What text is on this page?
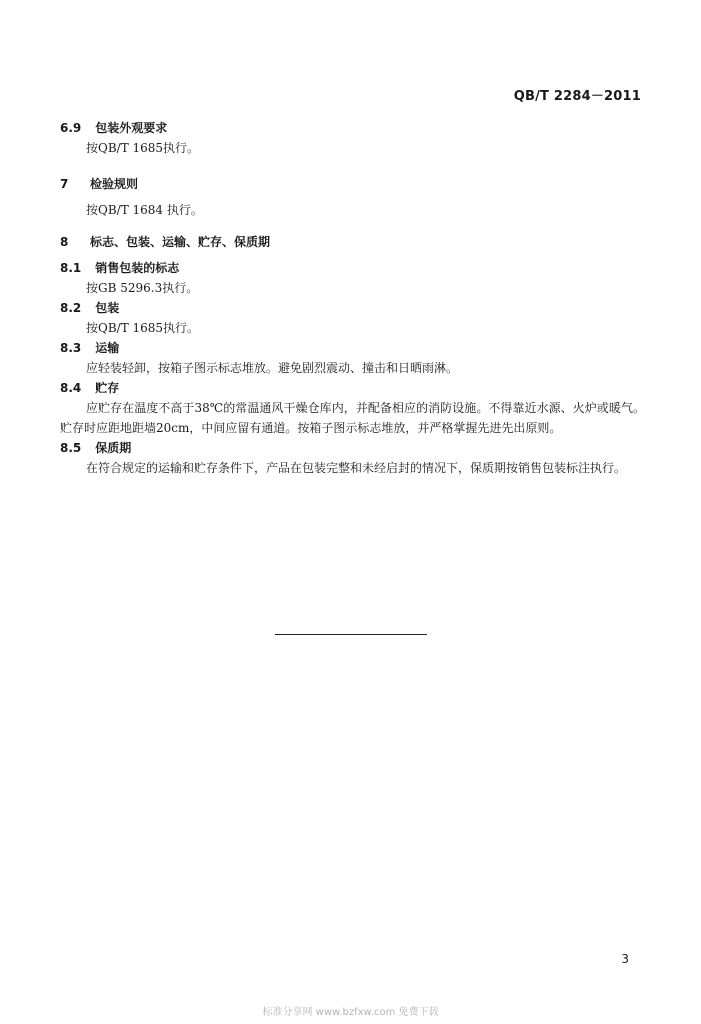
QB/T 2284－2011
6.9 包装外观要求
按QB/T 1685执行。
7	检验规则
按QB/T 1684 执行。
8	标志、包装、运输、贮存、保质期
8.1 销售包装的标志
按GB 5296.3执行。
8.2 包装
按QB/T 1685执行。
8.3 运输
应轻装轻卸，按箱子图示标志堆放。避免剧烈震动、撞击和日晒雨淋。
8.4 贮存
应贮存在温度不高于38℃的常温通风干燥仓库内，并配备相应的消防设施。不得靠近水源、火炉或暖气。贮存时应距地距墙20cm，中间应留有通道。按箱子图示标志堆放，并严格掌握先进先出原则。
8.5 保质期
在符合规定的运输和贮存条件下，产品在包装完整和未经启封的情况下，保质期按销售包装标注执行。
3
标准分享网 www.bzfxw.com 免费下载
